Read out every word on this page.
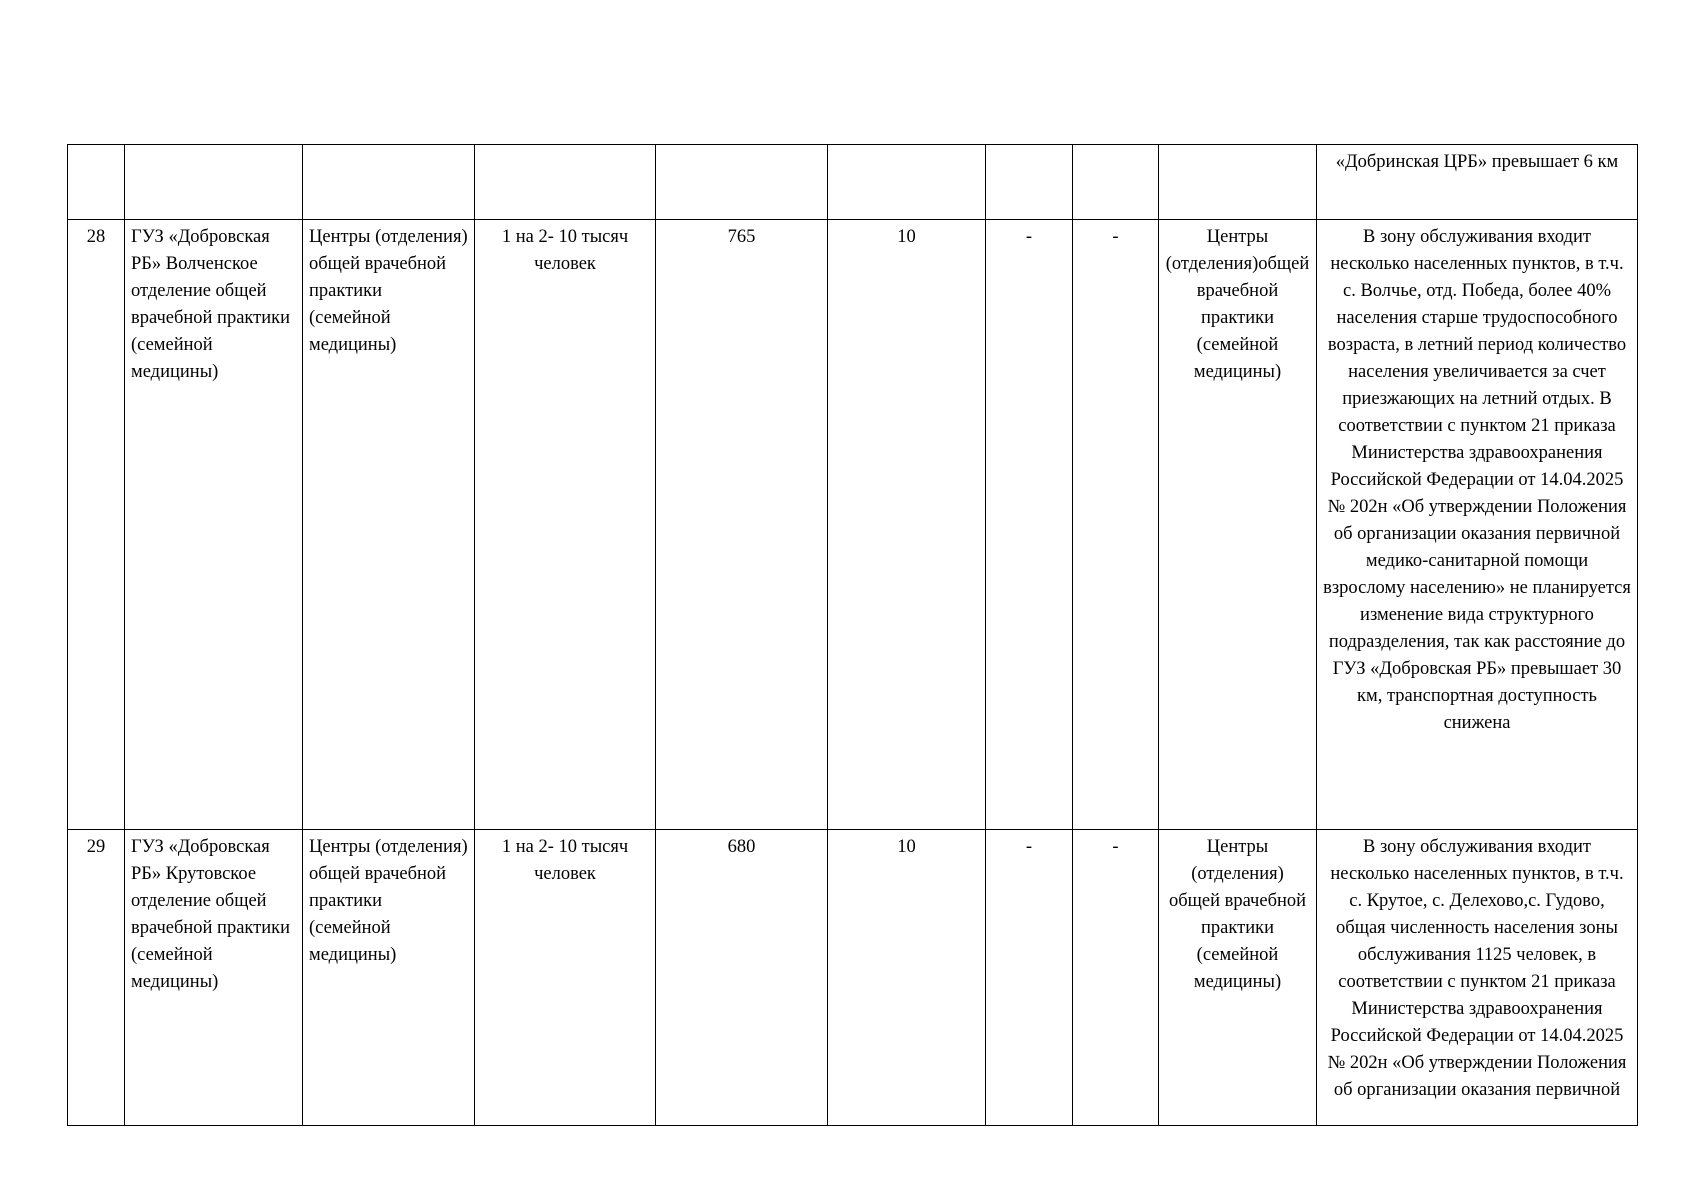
									«Добринская ЦРБ» превышает 6 км
28	ГУЗ «Добровская РБ» Волченское отделение общей врачебной практики (семейной медицины)	Центры (отделения) общей врачебной практики (семейной медицины)	1 на 2- 10 тысяч человек	765	10	-	-	Центры (отделения)общей врачебной практики (семейной медицины)	В зону обслуживания входит несколько населенных пунктов, в т.ч. с. Волчье, отд. Победа, более 40% населения старше трудоспособного возраста, в летний период количество населения увеличивается за счет приезжающих на летний отдых. В соответствии с пунктом 21 приказа Министерства здравоохранения Российской Федерации от 14.04.2025 № 202н «Об утверждении Положения об организации оказания первичной медико-санитарной помощи взрослому населению» не планируется изменение вида структурного подразделения, так как расстояние до ГУЗ «Добровская РБ» превышает 30 км, транспортная доступность снижена
29	ГУЗ «Добровская РБ» Крутовское отделение общей врачебной практики (семейной медицины)	Центры (отделения) общей врачебной практики (семейной медицины)	1 на 2- 10 тысяч человек	680	10	-	-	Центры (отделения) общей врачебной практики (семейной медицины)	В зону обслуживания входит несколько населенных пунктов, в т.ч. с. Крутое, с. Делехово,с. Гудово, общая численность населения зоны обслуживания 1125 человек, в соответствии с пунктом 21 приказа Министерства здравоохранения Российской Федерации от 14.04.2025 № 202н «Об утверждении Положения об организации оказания первичной
